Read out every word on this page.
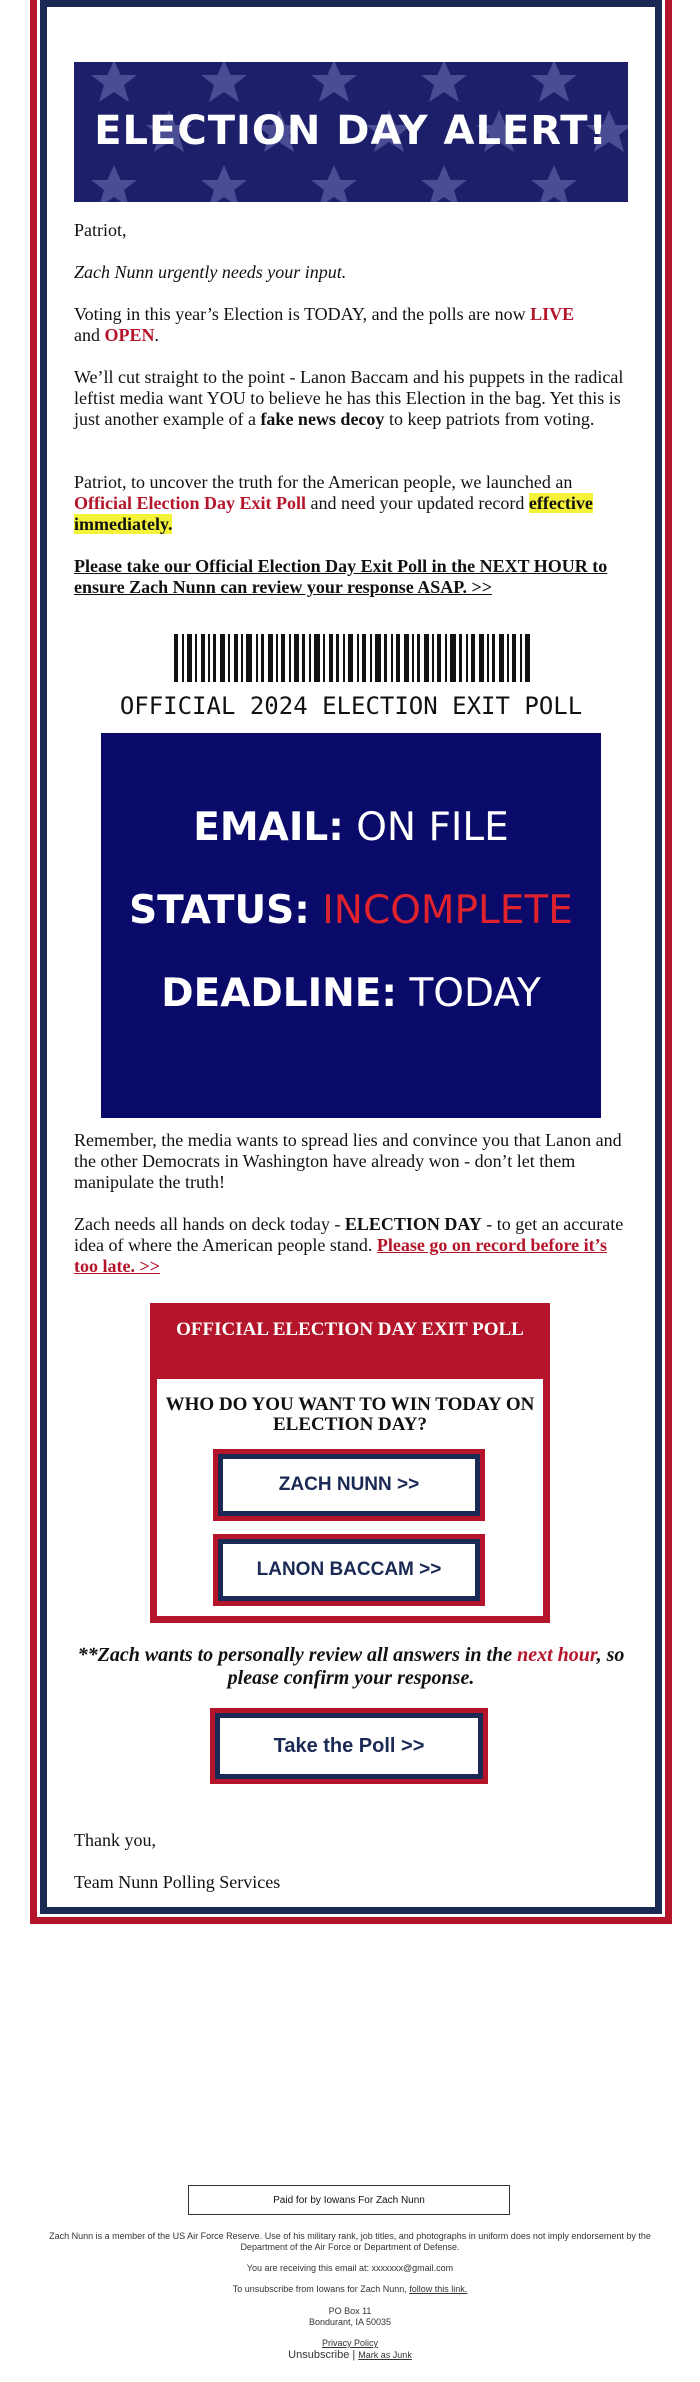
ELECTION DAY ALERT!

Patriot,

Zach Nunn urgently needs your input.

Voting in this year’s Election is TODAY, and the polls are now LIVE
and OPEN.

We’ll cut straight to the point - Lanon Baccam and his puppets in the radical leftist media want YOU to believe he has this Election in the bag. Yet this is just another example of a fake news decoy to keep patriots from voting.

Patriot, to uncover the truth for the American people, we launched an Official Election Day Exit Poll and need your updated record effective immediately.

Please take our Official Election Day Exit Poll in the NEXT HOUR to ensure Zach Nunn can review your response ASAP. >>

OFFICIAL 2024 ELECTION EXIT POLL
EMAIL: ON FILE
STATUS: INCOMPLETE
DEADLINE: TODAY

Remember, the media wants to spread lies and convince you that Lanon and the other Democrats in Washington have already won - don’t let them manipulate the truth!

Zach needs all hands on deck today - ELECTION DAY - to get an accurate idea of where the American people stand. Please go on record before it’s too late. >>

OFFICIAL ELECTION DAY EXIT POLL
WHO DO YOU WANT TO WIN TODAY ON ELECTION DAY?
ZACH NUNN >>
LANON BACCAM >>
**Zach wants to personally review all answers in the next hour, so please confirm your response.
Take the Poll >>

Thank you,

Team Nunn Polling Services

Paid for by Iowans For Zach Nunn
Zach Nunn is a member of the US Air Force Reserve. Use of his military rank, job titles, and photographs in uniform does not imply endorsement by the Department of the Air Force or Department of Defense.
You are receiving this email at: xxxxxxx@gmail.com
To unsubscribe from Iowans for Zach Nunn, follow this link.
PO Box 11
Bondurant, IA 50035
Privacy Policy
Unsubscribe | Mark as Junk
